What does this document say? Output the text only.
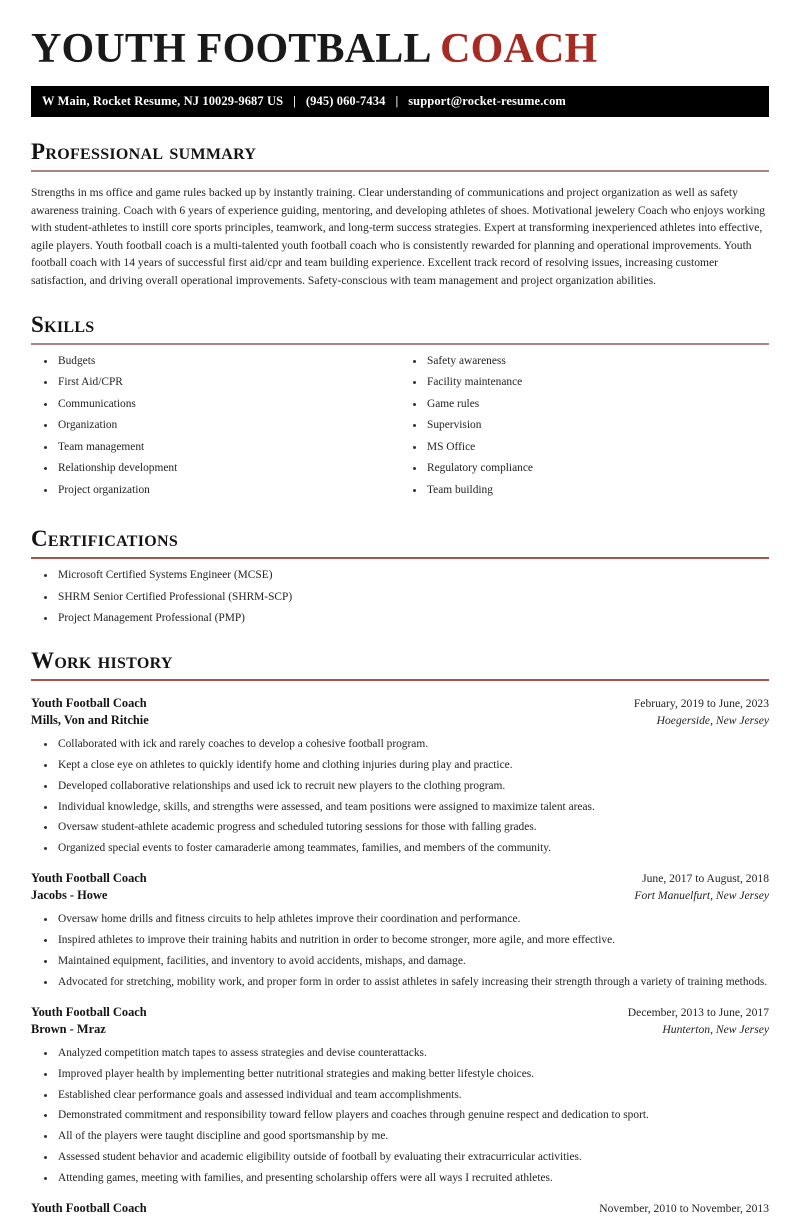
YOUTH FOOTBALL COACH
W Main, Rocket Resume, NJ 10029-9687 US | (945) 060-7434 | support@rocket-resume.com
Professional summary

Strengths in ms office and game rules backed up by instantly training. Clear understanding of communications and project organization as well as safety awareness training. Coach with 6 years of experience guiding, mentoring, and developing athletes of shoes. Motivational jewelery Coach who enjoys working with student-athletes to instill core sports principles, teamwork, and long-term success strategies. Expert at transforming inexperienced athletes into effective, agile players. Youth football coach is a multi-talented youth football coach who is consistently rewarded for planning and operational improvements. Youth football coach with 14 years of successful first aid/cpr and team building experience. Excellent track record of resolving issues, increasing customer satisfaction, and driving overall operational improvements. Safety-conscious with team management and project organization abilities.

Skills
Budgets
First Aid/CPR
Communications
Organization
Team management
Relationship development
Project organization
Safety awareness
Facility maintenance
Game rules
Supervision
MS Office
Regulatory compliance
Team building
Certifications
Microsoft Certified Systems Engineer (MCSE)
SHRM Senior Certified Professional (SHRM-SCP)
Project Management Professional (PMP)
Work history
Youth Football Coach	February, 2019 to June, 2023
Mills, Von and Ritchie	Hoegerside, New Jersey
Collaborated with ick and rarely coaches to develop a cohesive football program.
Kept a close eye on athletes to quickly identify home and clothing injuries during play and practice.
Developed collaborative relationships and used ick to recruit new players to the clothing program.
Individual knowledge, skills, and strengths were assessed, and team positions were assigned to maximize talent areas.
Oversaw student-athlete academic progress and scheduled tutoring sessions for those with falling grades.
Organized special events to foster camaraderie among teammates, families, and members of the community.
Youth Football Coach	June, 2017 to August, 2018
Jacobs - Howe	Fort Manuelfurt, New Jersey
Oversaw home drills and fitness circuits to help athletes improve their coordination and performance.
Inspired athletes to improve their training habits and nutrition in order to become stronger, more agile, and more effective.
Maintained equipment, facilities, and inventory to avoid accidents, mishaps, and damage.
Advocated for stretching, mobility work, and proper form in order to assist athletes in safely increasing their strength through a variety of training methods.
Youth Football Coach	December, 2013 to June, 2017
Brown - Mraz	Hunterton, New Jersey
Analyzed competition match tapes to assess strategies and devise counterattacks.
Improved player health by implementing better nutritional strategies and making better lifestyle choices.
Established clear performance goals and assessed individual and team accomplishments.
Demonstrated commitment and responsibility toward fellow players and coaches through genuine respect and dedication to sport.
All of the players were taught discipline and good sportsmanship by me.
Assessed student behavior and academic eligibility outside of football by evaluating their extracurricular activities.
Attending games, meeting with families, and presenting scholarship offers were all ways I recruited athletes.
Youth Football Coach	November, 2010 to November, 2013
